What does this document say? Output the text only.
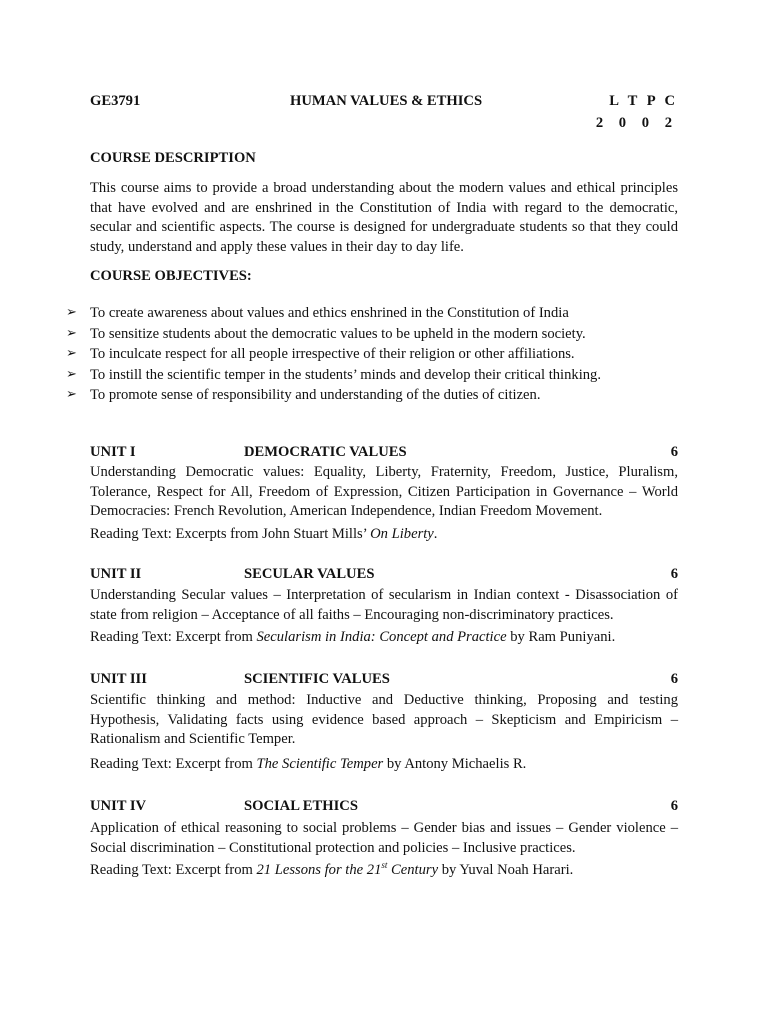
GE3791	HUMAN VALUES & ETHICS	L T P C
2 0 0 2
COURSE DESCRIPTION
This course aims to provide a broad understanding about the modern values and ethical principles
that have evolved and are enshrined in the Constitution of India with regard to the democratic,
secular and scientific aspects. The course is designed for undergraduate students so that they could
study, understand and apply these values in their day to day life.
COURSE OBJECTIVES:
➢ To create awareness about values and ethics enshrined in the Constitution of India
➢ To sensitize students about the democratic values to be upheld in the modern society.
➢ To inculcate respect for all people irrespective of their religion or other affiliations.
➢ To instill the scientific temper in the students’ minds and develop their critical thinking.
➢ To promote sense of responsibility and understanding of the duties of citizen.
UNIT I	DEMOCRATIC VALUES	6
Understanding Democratic values: Equality, Liberty, Fraternity, Freedom, Justice, Pluralism,
Tolerance, Respect for All, Freedom of Expression, Citizen Participation in Governance – World
Democracies: French Revolution, American Independence, Indian Freedom Movement.
Reading Text: Excerpts from John Stuart Mills’ On Liberty.
UNIT II	SECULAR VALUES	6
Understanding Secular values – Interpretation of secularism in Indian context - Disassociation of
state from religion – Acceptance of all faiths – Encouraging non-discriminatory practices.
Reading Text: Excerpt from Secularism in India: Concept and Practice by Ram Puniyani.
UNIT III	SCIENTIFIC VALUES	6
Scientific thinking and method: Inductive and Deductive thinking, Proposing and testing
Hypothesis, Validating facts using evidence based approach – Skepticism and Empiricism –
Rationalism and Scientific Temper.
Reading Text: Excerpt from The Scientific Temper by Antony Michaelis R.
UNIT IV	SOCIAL ETHICS	6
Application of ethical reasoning to social problems – Gender bias and issues – Gender violence –
Social discrimination – Constitutional protection and policies – Inclusive practices.
Reading Text: Excerpt from 21 Lessons for the 21st Century by Yuval Noah Harari.
